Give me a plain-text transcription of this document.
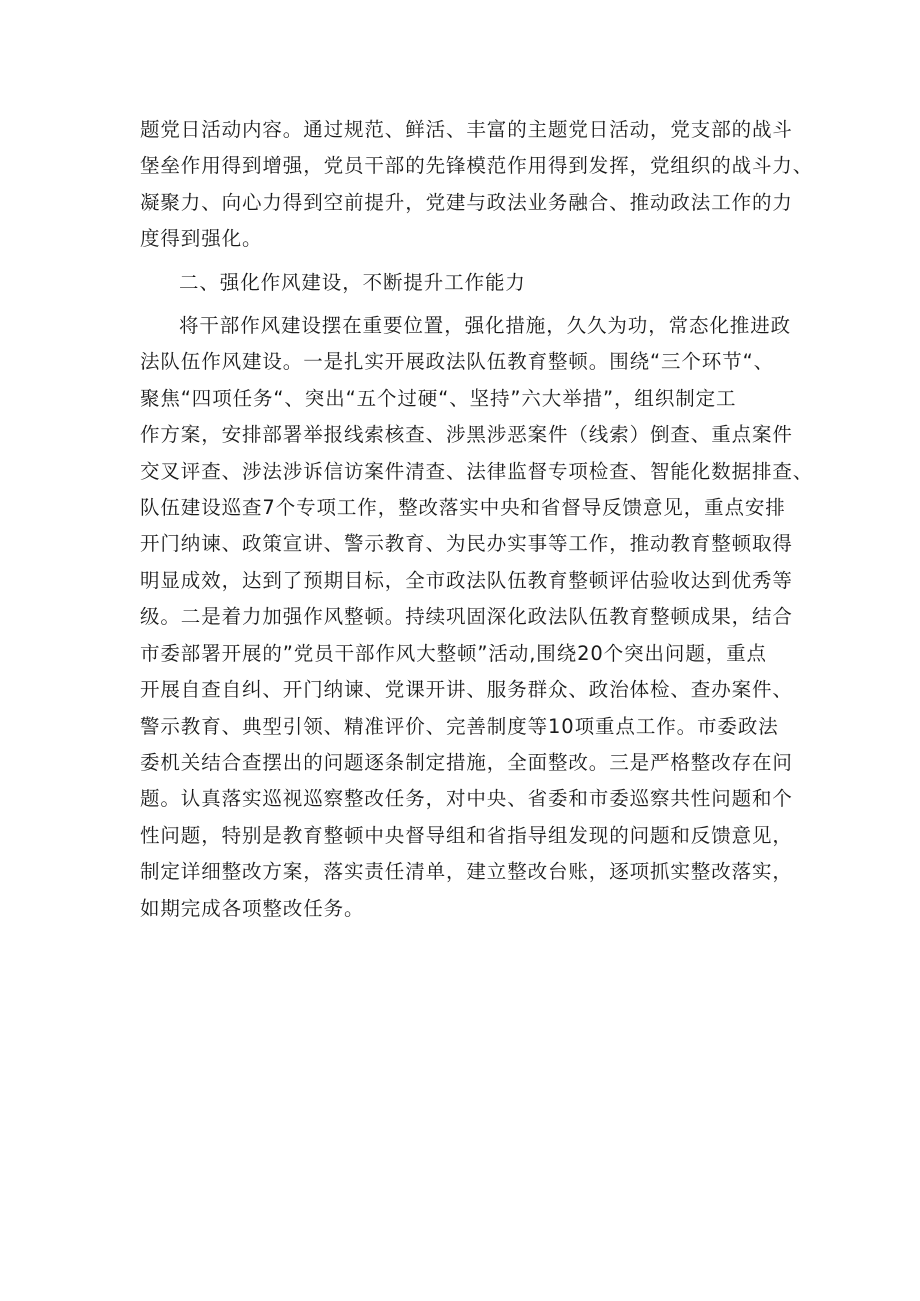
题党日活动内容。通过规范、鲜活、丰富的主题党日活动，党支部的战斗
堡垒作用得到增强，党员干部的先锋模范作用得到发挥，党组织的战斗力、
凝聚力、向心力得到空前提升，党建与政法业务融合、推动政法工作的力
度得到强化。
二、强化作风建设，不断提升工作能力
将干部作风建设摆在重要位置，强化措施，久久为功，常态化推进政
法队伍作风建设。一是扎实开展政法队伍教育整顿。围绕“三个环节“、
聚焦“四项任务“、突出“五个过硬“、坚持”六大举措”，组织制定工
作方案，安排部署举报线索核查、涉黑涉恶案件（线索）倒查、重点案件
交叉评查、涉法涉诉信访案件清查、法律监督专项检查、智能化数据排查、
队伍建设巡查7个专项工作，整改落实中央和省督导反馈意见，重点安排
开门纳谏、政策宣讲、警示教育、为民办实事等工作，推动教育整顿取得
明显成效，达到了预期目标，全市政法队伍教育整顿评估验收达到优秀等
级。二是着力加强作风整顿。持续巩固深化政法队伍教育整顿成果，结合
市委部署开展的”党员干部作风大整顿”活动,围绕20个突出问题，重点
开展自查自纠、开门纳谏、党课开讲、服务群众、政治体检、查办案件、
警示教育、典型引领、精准评价、完善制度等10项重点工作。市委政法
委机关结合查摆出的问题逐条制定措施，全面整改。三是严格整改存在问
题。认真落实巡视巡察整改任务，对中央、省委和市委巡察共性问题和个
性问题，特别是教育整顿中央督导组和省指导组发现的问题和反馈意见，
制定详细整改方案，落实责任清单，建立整改台账，逐项抓实整改落实，
如期完成各项整改任务。
